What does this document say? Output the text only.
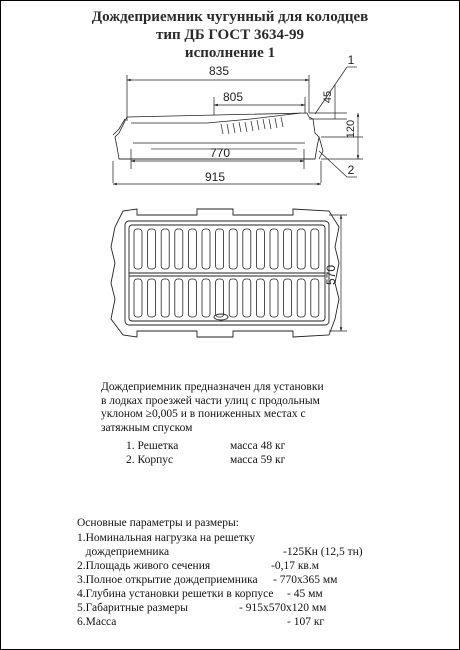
Дождеприемник чугунный для колодцев
тип ДБ ГОСТ 3634-99
исполнение 1
835
805
770
915
45
120
1
2
570
Дождеприемник предназначен для установки
в лодках проезжей части улиц с продольным
уклоном ≥0,005 и в пониженных местах с
затяжным спуском
1. Решетка	масса 48 кг
2. Корпус	масса 59 кг
Основные параметры и размеры:
1.Номинальная нагрузка на решетку
дождеприемника	-125Кн (12,5 тн)
2.Площадь живого сечения	-0,17 кв.м
3.Полное открытие дождеприемника - 770х365 мм
4.Глубина установки решетки в корпусе - 45 мм
5.Габаритные размеры	- 915х570х120 мм
6.Масса	- 107 кг
